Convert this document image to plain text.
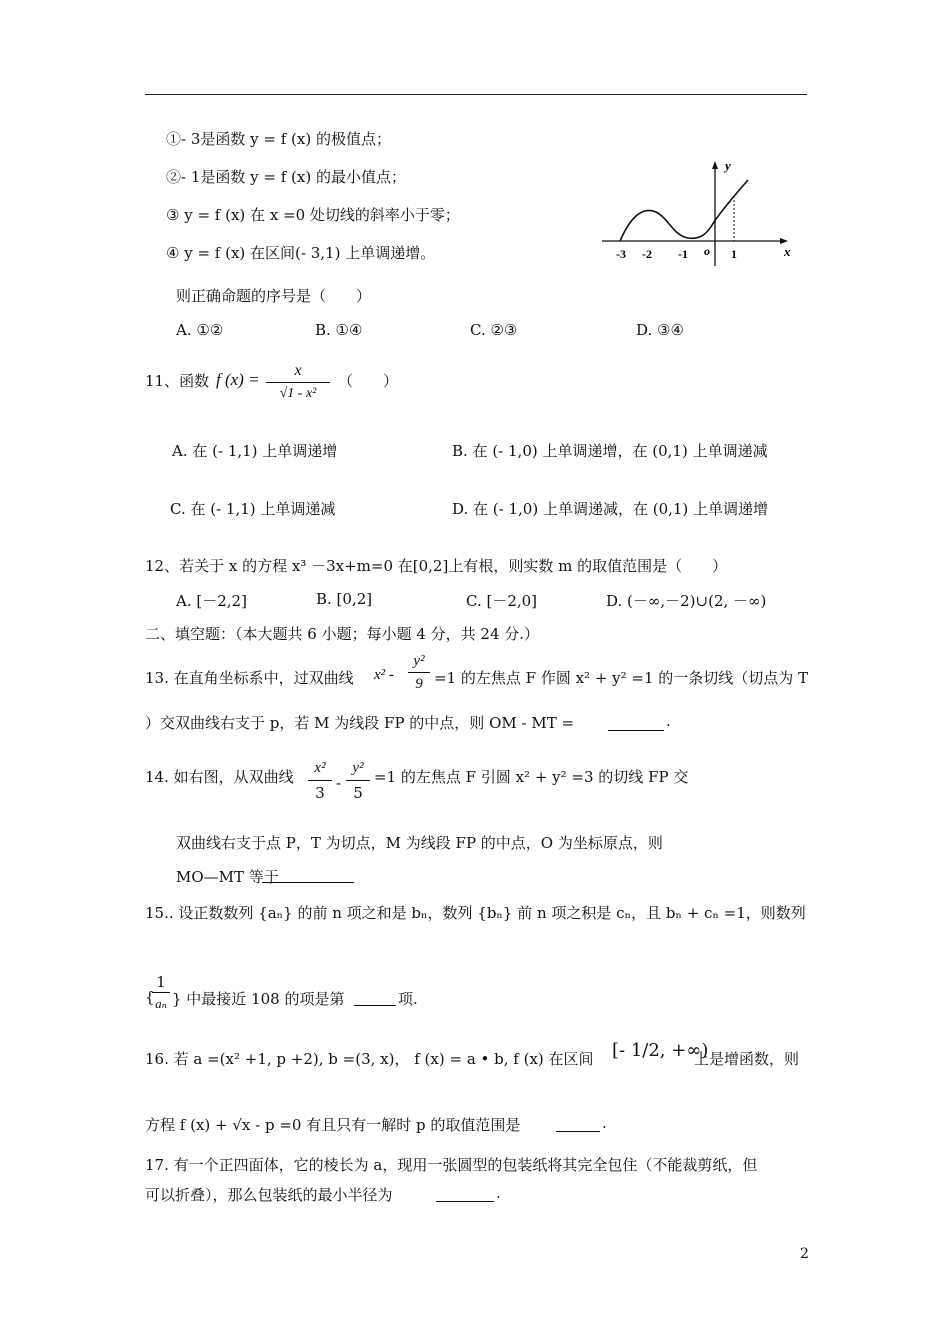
①- 3是函数 y = f (x) 的极值点；
②- 1是函数 y = f (x) 的最小值点；
③ y = f (x) 在 x =0 处切线的斜率小于零；
④ y = f (x) 在区间(- 3,1) 上单调递增。
y
x
o
-3 -2 -1	1
则正确命题的序号是（　　）
A. ①②	B. ①④	C. ②③	D. ③④
11、函数 f $(x) = \frac{x}{\text{√1 - x²}}$ （　　）
A. 在 (- 1,1) 上单调递增	B. 在 (- 1,0) 上单调递增，在 (0,1) 上单调递减
C. 在 (- 1,1) 上单调递减	D. 在 (- 1,0) 上单调递减，在 (0,1) 上单调递增
12、若关于 x 的方程 x³ －3x+m=0 在[0,2]上有根，则实数 m 的取值范围是（　　）
A. [－2,2]	B. [0,2]	C. [－2,0]	D. (－∞,－2)∪(2, －∞)
二、填空题：（本大题共 6 小题；每小题 4 分，共 24 分.）
13. 在直角坐标系中，过双曲线 $x^2 - \frac{\text{y²}}{9} =1$ 的左焦点 F 作圆 x² + y² =1 的一条切线（切点为 T
）交双曲线右支于 p，若 M 为线段 FP 的中点，则 OM - MT =	.
14. 如右图，从双曲线 $\frac{\text{x²}}{3} - \frac{\text{y²}}{5} =1$ 的左焦点 F 引圆 x² + y² =3 的切线 FP 交
双曲线右支于点 P，T 为切点，M 为线段 FP 的中点，O 为坐标原点，则
MO—MT 等于
15.. 设正数数列 {aₙ} 的前 n 项之和是 bₙ，数列 {bₙ} 前 n 项之积是 cₙ，且 bₙ + cₙ =1，则数列
{
$\frac{1}{\text{aₙ}}$ } 中最接近 108 的项是第	项.
16. 若 a =(x² +1, p +2), b =(3, x)， f (x) = a • b, f (x) 在区间 [- 1/2, +∞)
上是增函数，则
方程 f (x) + √x - p =0 有且只有一解时 p 的取值范围是	.
17. 有一个正四面体，它的棱长为 a，现用一张圆型的包装纸将其完全包住（不能裁剪纸，但
可以折叠），那么包装纸的最小半径为	.
2
